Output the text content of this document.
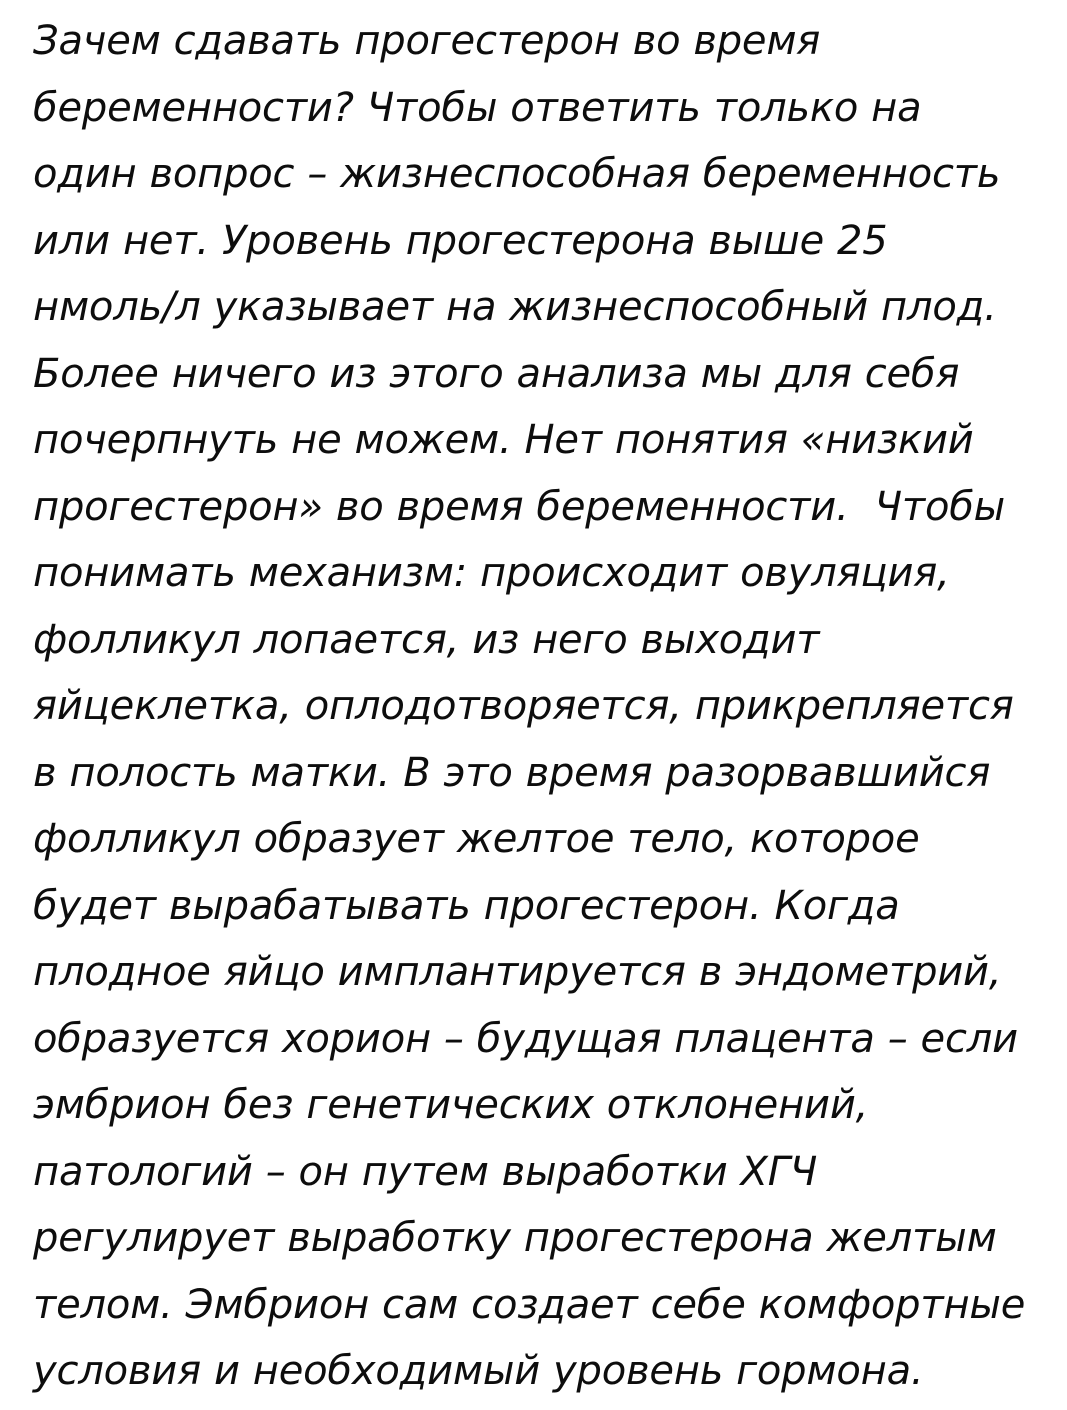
Зачем сдавать прогестерон во время беременности? Чтобы ответить только на один вопрос – жизнеспособная беременность или нет. Уровень прогестерона выше 25 нмоль/л указывает на жизнеспособный плод. Более ничего из этого анализа мы для себя почерпнуть не можем. Нет понятия «низкий прогестерон» во время беременности.  Чтобы понимать механизм: происходит овуляция, фолликул лопается, из него выходит яйцеклетка, оплодотворяется, прикрепляется в полость матки. В это время разорвавшийся фолликул образует желтое тело, которое будет вырабатывать прогестерон. Когда плодное яйцо имплантируется в эндометрий, образуется хорион – будущая плацента – если эмбрион без генетических отклонений, патологий – он путем выработки ХГЧ регулирует выработку прогестерона желтым телом. Эмбрион сам создает себе комфортные условия и необходимый уровень гормона.
